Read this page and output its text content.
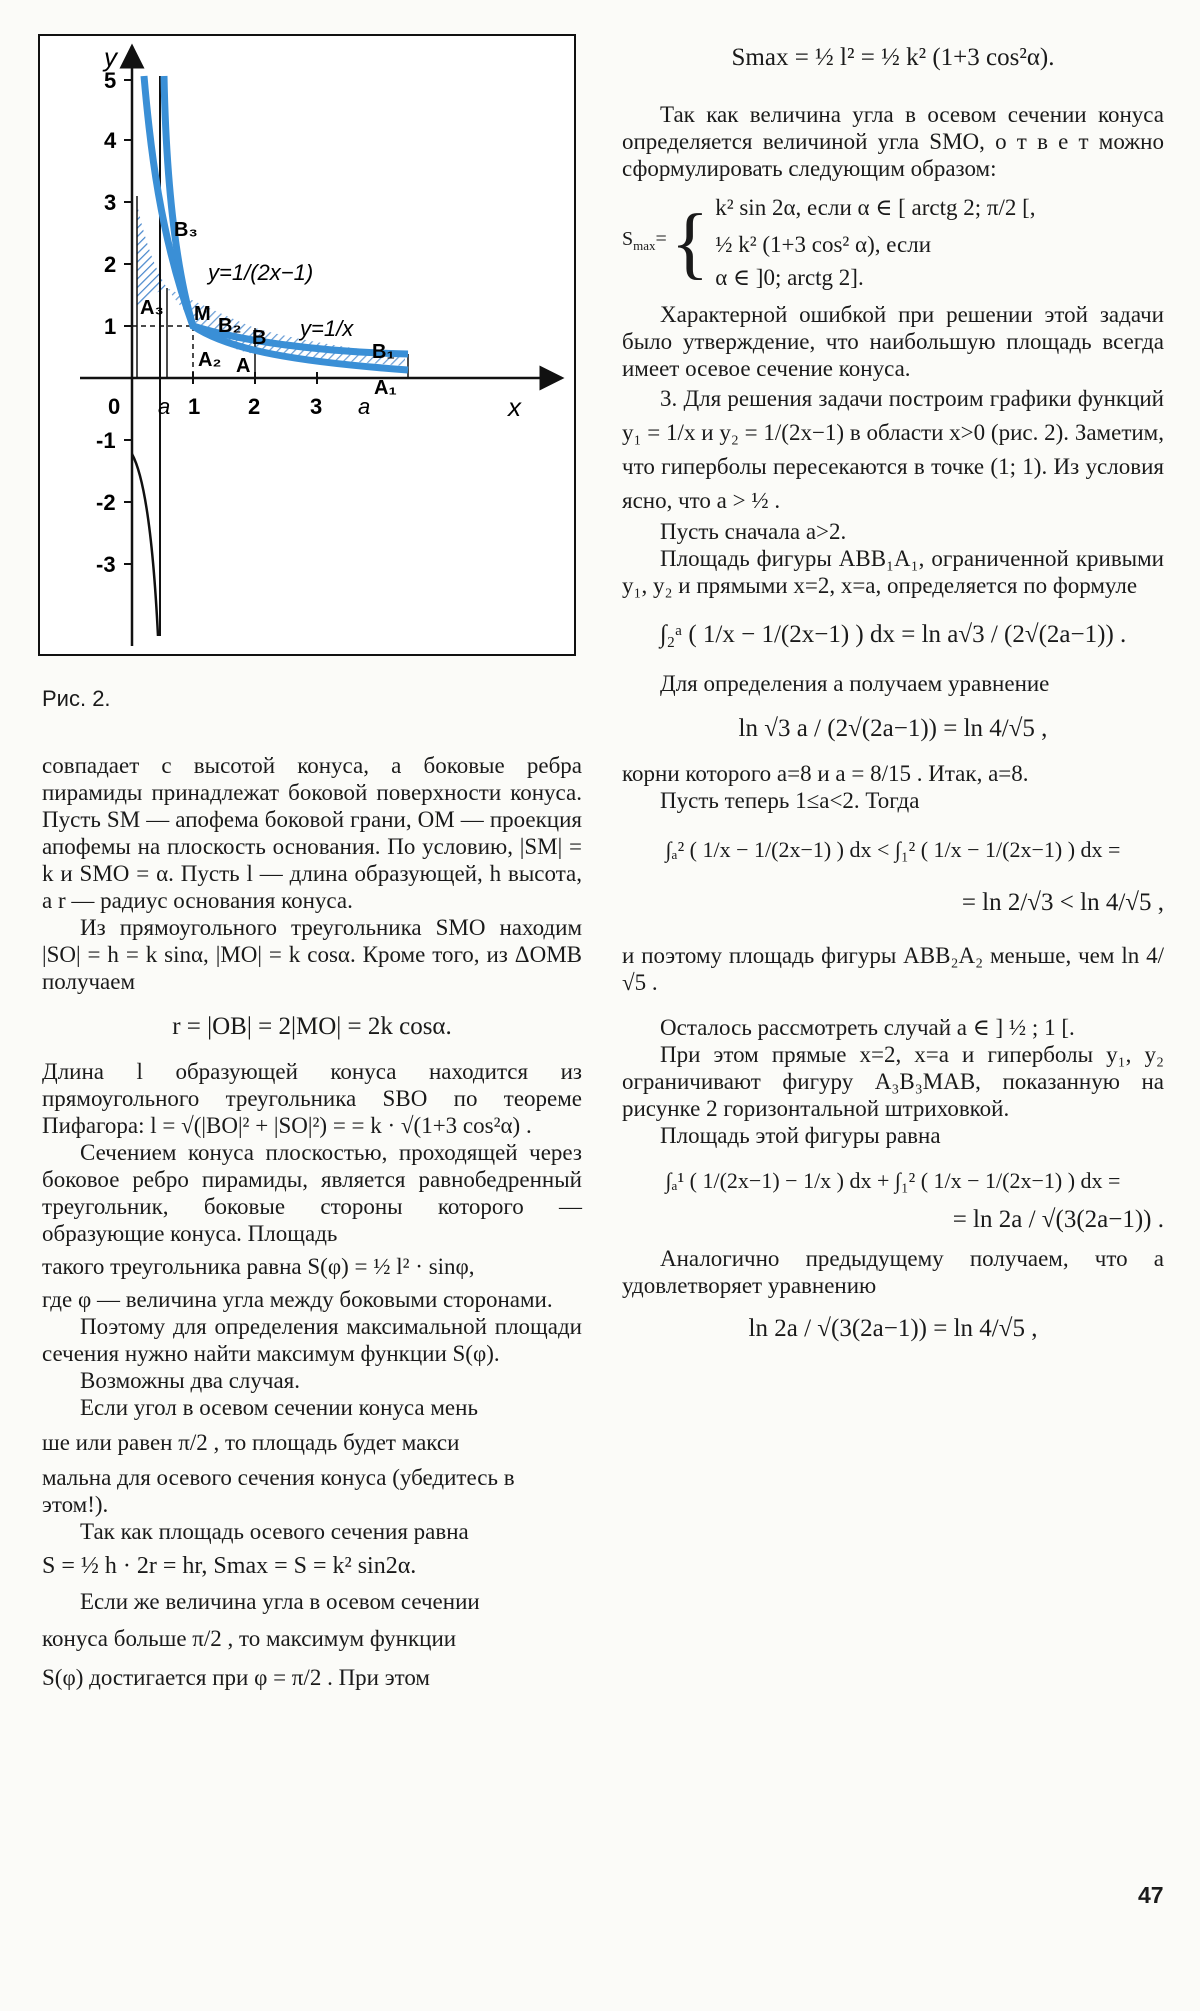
y
x
5
4
3
2
1
-1
-2
-3
0 a 1 2 3 a
y=1/(2x−1)
y=1/x
B₃
A₃ M
B₂
B
A₂ A
B₁
A₁
Рис. 2.

совпадает с высотой конуса, а боковые ребра пирамиды принадлежат боковой поверхности конуса. Пусть SM — апофема боковой грани, OM — проекция апофемы на плоскость основания. По условию, |SM| = k и SMO = α. Пусть l — длина образующей, h высота, а r — радиус основания конуса.

Из прямоугольного треугольника SMO находим |SO| = h = k sinα, |MO| = k cosα. Кроме того, из ΔOMB получаем

r = |OB| = 2|MO| = 2k cosα.

Длина l образующей конуса находится из прямоугольного треугольника SBO по теореме Пифагора: l = √(|BO|² + |SO|²) = = k · √(1+3 cos²α) .

Сечением конуса плоскостью, проходящей через боковое ребро пирамиды, является равнобедренный треугольник, боковые стороны которого — образующие конуса. Площадь

такого треугольника равна S(φ) = ½ l² · sinφ,

где φ — величина угла между боковыми сторонами.

Поэтому для определения максимальной площади сечения нужно найти максимум функции S(φ).

Возможны два случая.

Если угол в осевом сечении конуса мень

ше или равен π/2 , то площадь будет макси

мальна для осевого сечения конуса (убедитесь в этом!).

Так как площадь осевого сечения равна

S = ½ h · 2r = hr, Smax = S = k² sin2α.

Если же величина угла в осевом сечении

конуса больше π/2 , то максимум функции

S(φ) достигается при φ = π/2 . При этом

Smax = ½ l² = ½ k² (1+3 cos²α).

Так как величина угла в осевом сечении конуса определяется величиной угла SMO, о т в е т можно сформулировать следующим образом:

$S_{max}=$ { k² sin 2α, если α ∈ [ arctg 2; π/2 [,
½ k² (1+3 cos² α), если
α ∈ ]0; arctg 2].

Характерной ошибкой при решении этой задачи было утверждение, что наибольшую площадь всегда имеет осевое сечение конуса.

3. Для решения задачи построим графики функций y₁ = 1/x и y₂ = 1/(2x−1) в области x>0 (рис. 2). Заметим, что гиперболы пересекаются в точке (1; 1). Из условия ясно, что a > ½ .

Пусть сначала a>2.

Площадь фигуры ABB₁A₁, ограниченной кривыми y₁, y₂ и прямыми x=2, x=a, определяется по формуле

∫₂ᵃ ( 1/x − 1/(2x−1) ) dx = ln a√3 / (2√(2a−1)) .

Для определения a получаем уравнение

ln √3 a / (2√(2a−1)) = ln 4/√5 ,

корни которого a=8 и a = 8/15 . Итак, a=8.

Пусть теперь 1≤a<2. Тогда

∫ₐ² ( 1/x − 1/(2x−1) ) dx < ∫₁² ( 1/x − 1/(2x−1) ) dx =

= ln 2/√3 < ln 4/√5 ,

и поэтому площадь фигуры ABB₂A₂ меньше, чем ln 4/√5 .

Осталось рассмотреть случай a ∈ ] ½ ; 1 [.

При этом прямые x=2, x=a и гиперболы y₁, y₂ ограничивают фигуру A₃B₃MAB, показанную на рисунке 2 горизонтальной штриховкой.

Площадь этой фигуры равна

∫ₐ¹ ( 1/(2x−1) − 1/x ) dx + ∫₁² ( 1/x − 1/(2x−1) ) dx =

= ln 2a / √(3(2a−1)) .

Аналогично предыдущему получаем, что a удовлетворяет уравнению

ln 2a / √(3(2a−1)) = ln 4/√5 ,

47
